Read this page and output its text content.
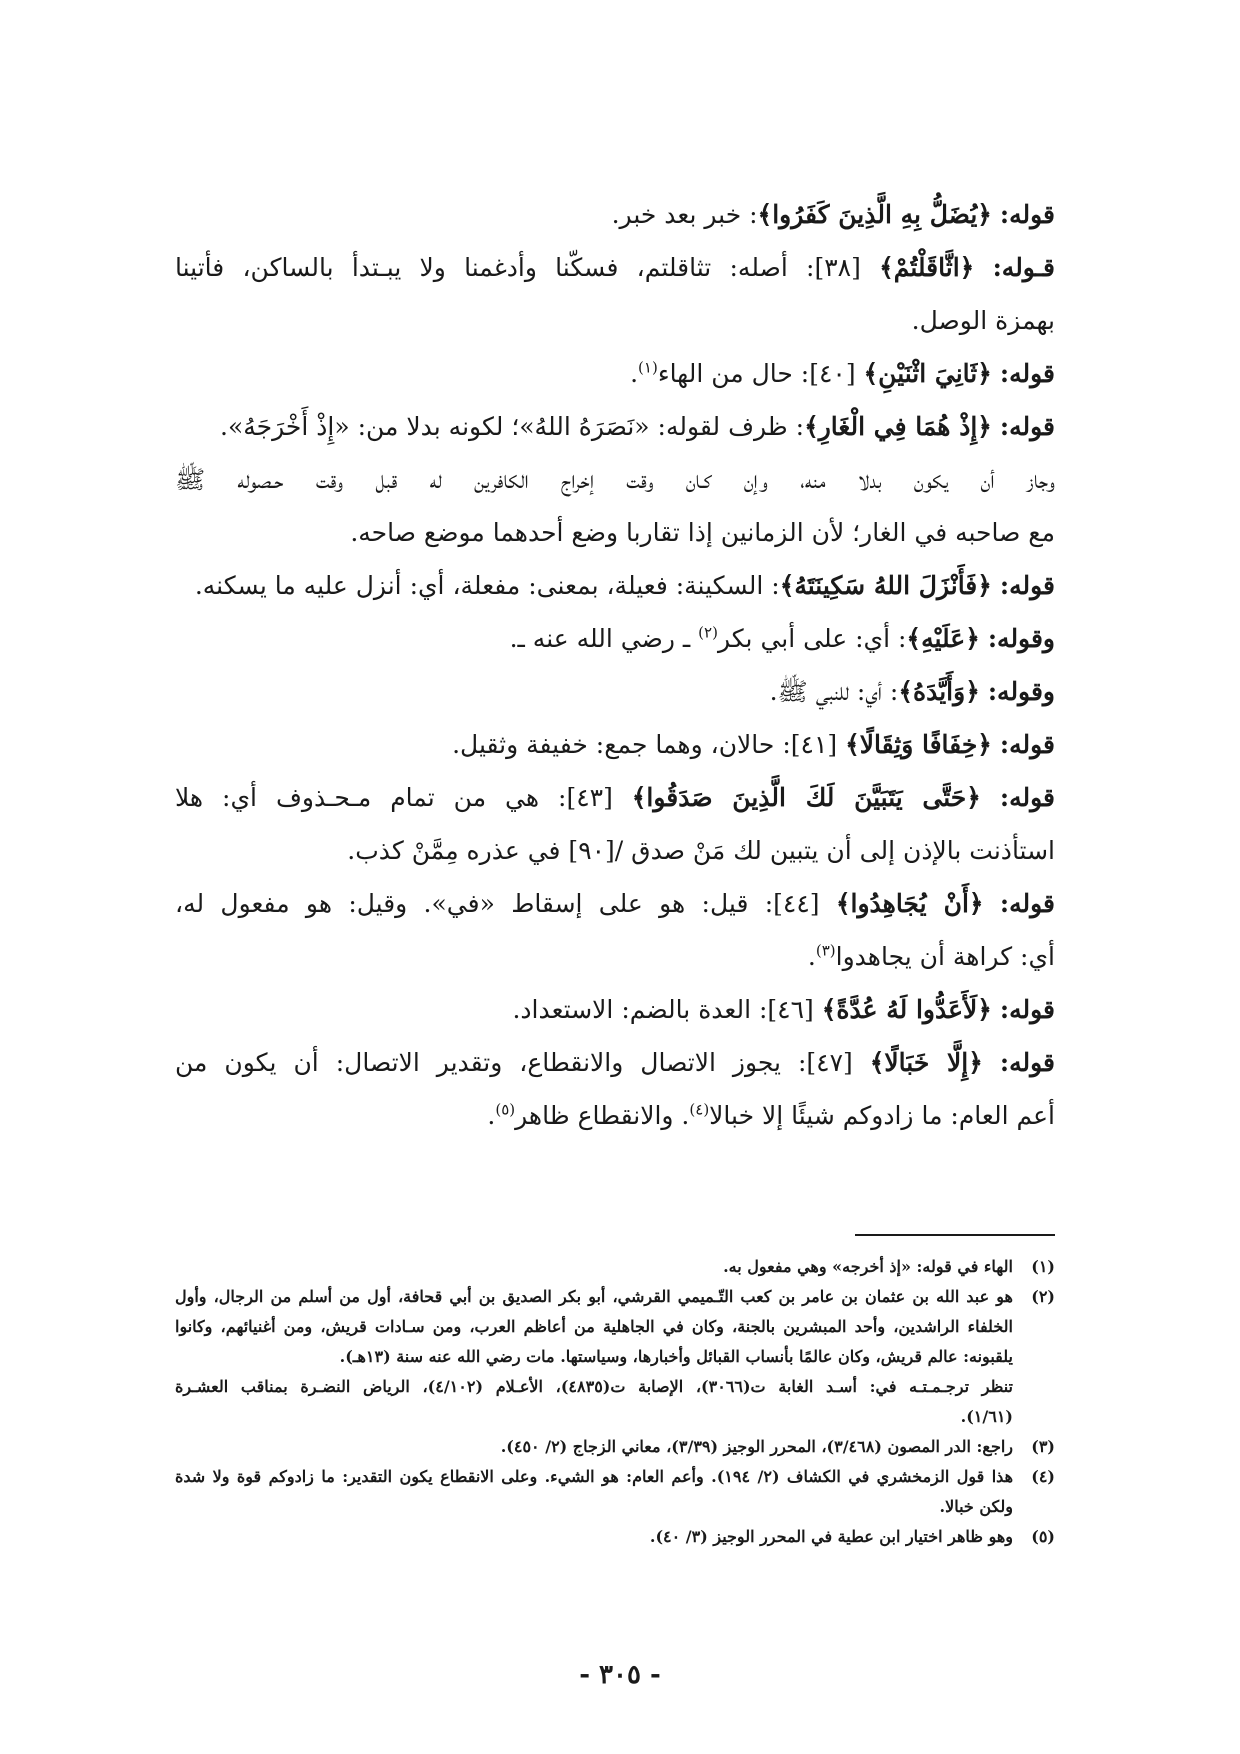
قوله: ﴿يُضَلُّ بِهِ الَّذِينَ كَفَرُوا﴾: خبر بعد خبر.
قـوله: ﴿اثَّاقَلْتُمْ﴾ [٣٨]: أصله: تثاقلتم، فسكّنا وأدغمنا ولا يبـتدأ بالساكن، فأتينا
بهمزة الوصل.
قوله: ﴿ثَانِيَ اثْنَيْنِ﴾ [٤٠]: حال من الهاء$^{(١)}$.
قوله: ﴿إِذْ هُمَا فِي الْغَارِ﴾: ظرف لقوله: «نَصَرَهُ اللهُ»؛ لكونه بدلا من: «إِذْ أَخْرَجَهُ».
وجاز أن يكون بدلا منه، وإن كـان وقت إخراج الكافرين له قبل وقت حـصوله ﷺ
مع صاحبه في الغار؛ لأن الزمانين إذا تقاربا وضع أحدهما موضع صاحه.
قوله: ﴿فَأَنْزَلَ اللهُ سَكِينَتَهُ﴾: السكينة: فعيلة، بمعنى: مفعلة، أي: أنزل عليه ما يسكنه.
وقوله: ﴿عَلَيْهِ﴾: أي: على أبي بكر$^{(٢)}$ ـ رضي الله عنه ـ.
وقوله: ﴿وَأَيَّدَهُ﴾: أي: للنبي ﷺ.
قوله: ﴿خِفَافًا وَثِقَالًا﴾ [٤١]: حالان، وهما جمع: خفيفة وثقيل.
قوله: ﴿حَتَّى يَتَبَيَّنَ لَكَ الَّذِينَ صَدَقُوا﴾ [٤٣]: هي من تمام مـحـذوف أي: هلا
استأذنت بالإذن إلى أن يتبين لك مَنْ صدق /[٩٠] في عذره مِمَّنْ كذب.
قوله: ﴿أَنْ يُجَاهِدُوا﴾ [٤٤]: قيل: هو على إسقاط «في». وقيل: هو مفعول له،
أي: كراهة أن يجاهدوا$^{(٣)}$.
قوله: ﴿لَأَعَدُّوا لَهُ عُدَّةً﴾ [٤٦]: العدة بالضم: الاستعداد.
قوله: ﴿إِلَّا خَبَالًا﴾ [٤٧]: يجوز الاتصال والانقطاع، وتقدير الاتصال: أن يكون من
أعم العام: ما زادوكم شيئًا إلا خبالا$^{(٤)}$. والانقطاع ظاهر$^{(٥)}$.
(١)
الهاء في قوله: «إذ أخرجه» وهي مفعول به.
(٢)
هو عبد الله بن عثمان بن عامر بن كعب التّـميمي القرشي، أبو بكر الصديق بن أبي قحافة، أول من أسلم من الرجال، وأول
الخلفاء الراشدين، وأحد المبشرين بالجنة، وكان في الجاهلية من أعاظم العرب، ومن سـادات قريش، ومن أغنيائهم، وكانوا
يلقبونه: عالم قريش، وكان عالمًا بأنساب القبائل وأخبارها، وسياستها. مات رضي الله عنه سنة (١٣هـ).
تنظر ترجـمـتـه في: أسـد الغابة ت(٣٠٦٦)، الإصابة ت(٤٨٣٥)، الأعـلام (٤/١٠٢)، الرياض النضـرة بمناقب العشـرة
(١/٦١).
(٣)
راجع: الدر المصون (٣/٤٦٨)، المحرر الوجيز (٣/٣٩)، معاني الزجاج (٢/ ٤٥٠).
(٤)
هذا قول الزمخشري في الكشاف (٢/ ١٩٤). وأعم العام: هو الشيء. وعلى الانقطاع يكون التقدير: ما زادوكم قوة ولا شدة
ولكن خبالا.
(٥)
وهو ظاهر اختيار ابن عطية في المحرر الوجيز (٣/ ٤٠).
- ٣٠٥ -
